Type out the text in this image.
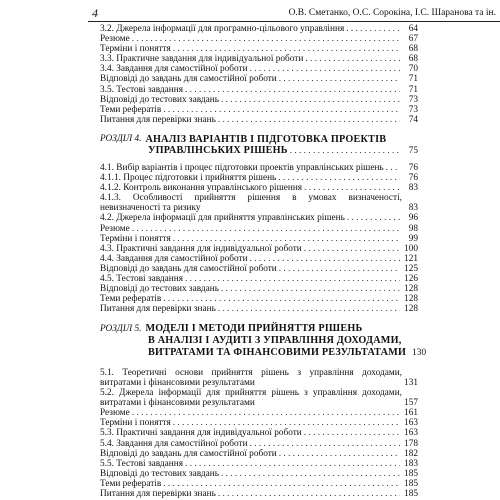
4	О.В. Сметанко, О.С. Сорокіна, І.С. Шаранова та ін.
3.2. Джерела інформації для програмно-цільового управління . . .	64
Резюме . . .	67
Терміни і поняття . . .	68
3.3. Практичне завдання для індивідуальної роботи . . .	68
3.4. Завдання для самостійної роботи . . .	70
Відповіді до завдань для самостійної роботи . . .	71
3.5. Тестові завдання . . .	71
Відповіді до тестових завдань . . .	73
Теми рефератів . . .	73
Питання для перевірки знань . . .	74
РОЗДІЛ 4. АНАЛІЗ ВАРІАНТІВ І ПІДГОТОВКА ПРОЕКТІВ
УПРАВЛІНСЬКИХ РІШЕНЬ . . .	75
4.1. Вибір варіантів і процес підготовки проектів управлінських рішень . . .	76
4.1.1. Процес підготовки і прийняття рішень . . .	76
4.1.2. Контроль виконання управлінського рішення . . .	83
4.1.3. Особливості прийняття рішення в умовах визначеності, невизначеності та ризику	83
4.2. Джерела інформації для прийняття управлінських рішень . . .	96
Резюме . . .	98
Терміни і поняття . . .	99
4.3. Практичні завдання для індивідуальної роботи . . .	100
4.4. Завдання для самостійної роботи . . .	121
Відповіді до завдань для самостійної роботи . . .	125
4.5. Тестові завдання . . .	126
Відповіді до тестових завдань . . .	128
Теми рефератів . . .	128
Питання для перевірки знань . . .	128
РОЗДІЛ 5. МОДЕЛІ І МЕТОДИ ПРИЙНЯТТЯ РІШЕНЬ
В АНАЛІЗІ І АУДИТІ З УПРАВЛІННЯ ДОХОДАМИ,
ВИТРАТАМИ ТА ФІНАНСОВИМИ РЕЗУЛЬТАТАМИ 130
5.1. Теоретичні основи прийняття рішень з управління доходами, витратами і фінансовими результатами	131
5.2. Джерела інформації для прийняття рішень з управління доходами, витратами і фінансовими результатами	157
Резюме . . .	161
Терміни і поняття . . .	163
5.3. Практичні завдання для індивідуальної роботи . . .	163
5.4. Завдання для самостійної роботи . . .	178
Відповіді до завдань для самостійної роботи . . .	182
5.5. Тестові завдання . . .	183
Відповіді до тестових завдань . . .	185
Теми рефератів . . .	185
Питання для перевірки знань . . .	185
